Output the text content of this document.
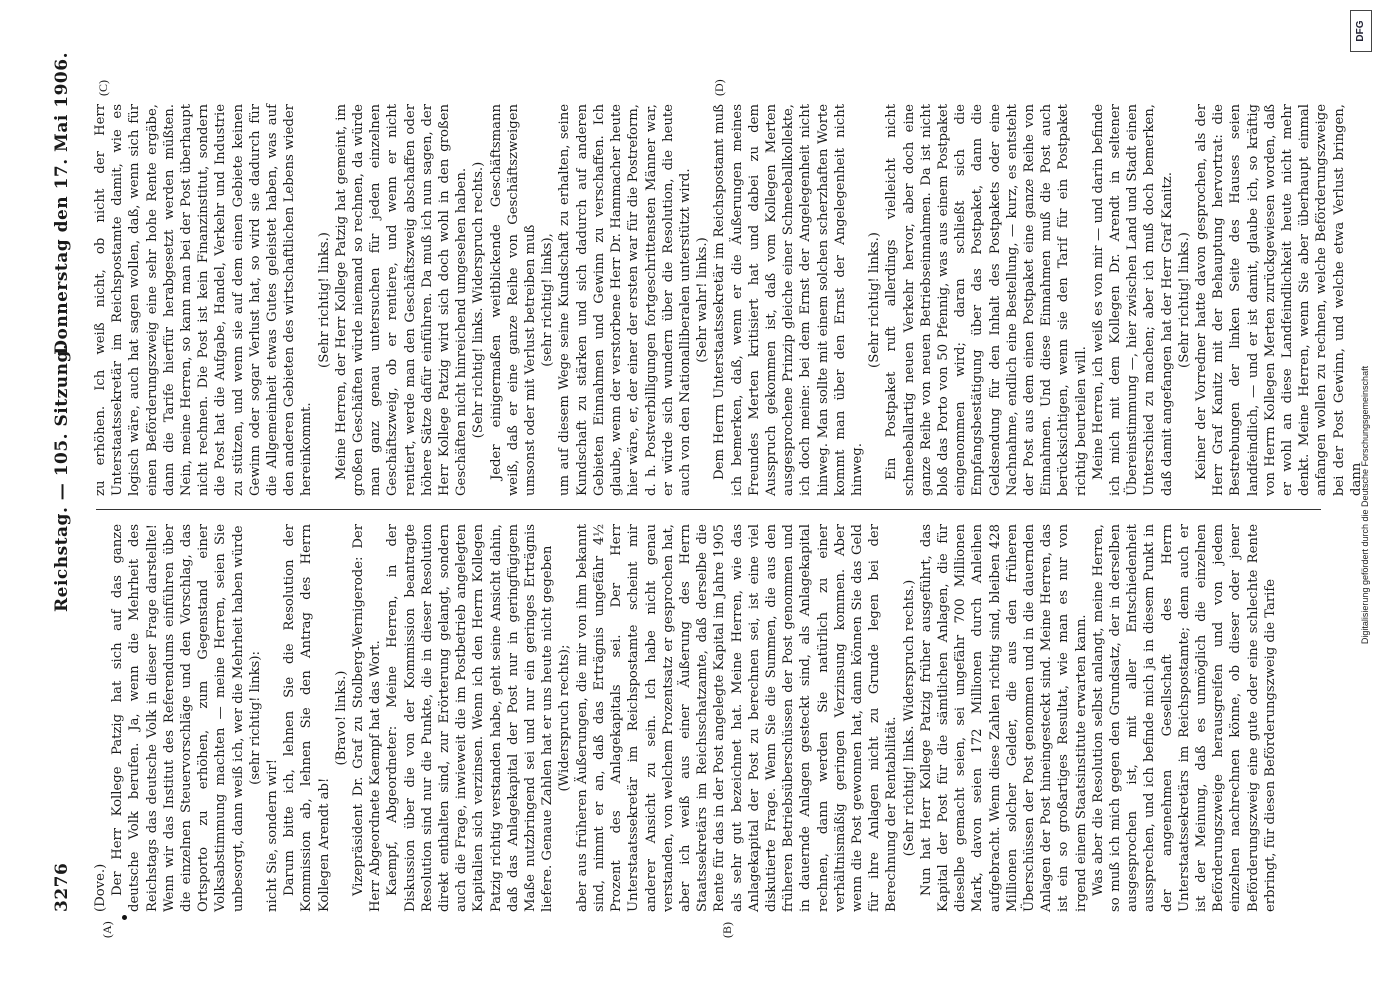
3276
Reichstag. — 105. Sitzung.
Donnerstag den 17. Mai 1906.
(A)	(B)
(C)	(D)

(Dove.) Der Herr Kollege Patzig hat sich auf das ganze deutsche Volk berufen. Ja, wenn die Mehrheit des Reichstags das deutsche Volk in dieser Frage darstellte! Wenn wir das Institut des Referendums einführen über die einzelnen Steuervorschläge und den Vorschlag, das Ortsporto zu erhöhen, zum Gegenstand einer Volksabstimmung machten — meine Herren, seien Sie unbesorgt, dann weiß ich, wer die Mehrheit haben würde (sehr richtig! links):

nicht Sie, sondern wir! Darum bitte ich, lehnen Sie die Resolution der Kommission ab, lehnen Sie den Antrag des Herrn Kollegen Arendt ab!

(Bravo! links.) Vizepräsident Dr. Graf zu Stolberg-Wernigerode: Der Herr Abgeordnete Kaempf hat das Wort. Kaempf, Abgeordneter: Meine Herren, in der Diskussion über die von der Kommission beantragte Resolution sind nur die Punkte, die in dieser Resolution direkt enthalten sind, zur Erörterung gelangt, sondern auch die Frage, inwieweit die im Postbetrieb angelegten Kapitalien sich verzinsen. Wenn ich den Herrn Kollegen Patzig richtig verstanden habe, geht seine Ansicht dahin, daß das Anlagekapital der Post nur in geringfügigem Maße nutzbringend sei und nur ein geringes Erträgnis liefere. Genaue Zahlen hat er uns heute nicht gegeben (Widerspruch rechts); aber aus früheren Äußerungen, die mir von ihm bekannt sind, nimmt er an, daß das Erträgnis ungefähr 4½ Prozent des Anlagekapitals sei. Der Herr Unterstaatssekretär im Reichspostamte scheint mir anderer Ansicht zu sein. Ich habe nicht genau verstanden, von welchem Prozentsatz er gesprochen hat, aber ich weiß aus einer Äußerung des Herrn Staatssekretärs im Reichsschatzamte, daß derselbe die Rente für das in der Post angelegte Kapital im Jahre 1905 als sehr gut bezeichnet hat. Meine Herren, wie das Anlagekapital der Post zu berechnen sei, ist eine viel diskutierte Frage. Wenn Sie die Summen, die aus den früheren Betriebsüberschüssen der Post genommen und in dauernde Anlagen gesteckt sind, als Anlagekapital rechnen, dann werden Sie natürlich zu einer verhältnismäßig geringen Verzinsung kommen. Aber wenn die Post gewonnen hat, dann können Sie das Geld für ihre Anlagen nicht zu Grunde legen bei der Berechnung der Rentabilität. (Sehr richtig! links. Widerspruch rechts.) Nun hat Herr Kollege Patzig früher ausgeführt, das Kapital der Post für die sämtlichen Anlagen, die für dieselbe gemacht seien, sei ungefähr 700 Millionen Mark, davon seien 172 Millionen durch Anleihen aufgebracht. Wenn diese Zahlen richtig sind, bleiben 428 Millionen solcher Gelder, die aus den früheren Überschüssen der Post genommen und in die dauernden Anlagen der Post hineingesteckt sind. Meine Herren, das ist ein so großartiges Resultat, wie man es nur von irgend einem Staatsinstitute erwarten kann. Was aber die Resolution selbst anlangt, meine Herren, so muß ich mich gegen den Grundsatz, der in derselben ausgesprochen ist, mit aller Entschiedenheit aussprechen, und ich befinde mich ja in diesem Punkt in der angenehmen Gesellschaft des Herrn Unterstaatssekretärs im Reichspostamte; denn auch er ist der Meinung, daß es unmöglich die einzelnen Beförderungszweige herausgreifen und von jedem einzelnen nachrechnen könne, ob dieser oder jener Beförderungszweig eine gute oder eine schlechte Rente erbringt, für diesen Beförderungszweig die Tarife

zu erhöhen. Ich weiß nicht, ob nicht der Herr Unterstaatssekretär im Reichspostamte damit, wie es logisch wäre, auch hat sagen wollen, daß, wenn sich für einen Beförderungszweig eine sehr hohe Rente ergäbe, dann die Tarife hierfür herabgesetzt werden müßten. Nein, meine Herren, so kann man bei der Post überhaupt nicht rechnen. Die Post ist kein Finanzinstitut, sondern die Post hat die Aufgabe, Handel, Verkehr und Industrie zu stützen, und wenn sie auf dem einen Gebiete keinen Gewinn oder sogar Verlust hat, so wird sie dadurch für die Allgemeinheit etwas Gutes geleistet haben, was auf den anderen Gebieten des wirtschaftlichen Lebens wieder hereinkommt.

(Sehr richtig! links.) Meine Herren, der Herr Kollege Patzig hat gemeint, im großen Geschäften würde niemand so rechnen, da würde man ganz genau untersuchen für jeden einzelnen Geschäftszweig, ob er rentiere, und wenn er nicht rentiert, werde man den Geschäftszweig abschaffen oder höhere Sätze dafür einführen. Da muß ich nun sagen, der Herr Kollege Patzig wird sich doch wohl in den großen Geschäften nicht hinreichend umgesehen haben. (Sehr richtig! links. Widerspruch rechts.) Jeder einigermaßen weitblickende Geschäftsmann weiß, daß er eine ganze Reihe von Geschäftszweigen umsonst oder mit Verlust betreiben muß (sehr richtig! links), um auf diesem Wege seine Kundschaft zu erhalten, seine Kundschaft zu stärken und sich dadurch auf anderen Gebieten Einnahmen und Gewinn zu verschaffen. Ich glaube, wenn der verstorbene Herr Dr. Hammacher heute hier wäre, er, der einer der ersten war für die Postreform, d. h. Postverbilligungen fortgeschrittensten Männer war, er würde sich wundern über die Resolution, die heute auch von den Nationalliberalen unterstützt wird. (Sehr wahr! links.) Dem Herrn Unterstaatssekretär im Reichspostamt muß ich bemerken, daß, wenn er die Äußerungen meines Freundes Merten kritisiert hat und dabei zu dem Ausspruch gekommen ist, daß vom Kollegen Merten ausgesprochene Prinzip gleiche einer Schneeballkollekte, ich doch meine: bei dem Ernst der Angelegenheit nicht hinweg. Man sollte mit einem solchen scherzhaften Worte kommt man über den Ernst der Angelegenheit nicht hinweg.

(Sehr richtig! links.) Ein Postpaket ruft allerdings vielleicht nicht schneeballartig neuen Verkehr hervor, aber doch eine ganze Reihe von neuen Betriebseinnahmen. Da ist nicht bloß das Porto von 50 Pfennig, was aus einem Postpaket eingenommen wird; daran schließt sich die Empfangsbestätigung über das Postpaket, dann die Geldsendung für den Inhalt des Postpakets oder eine Nachnahme, endlich eine Bestellung, — kurz, es entsteht der Post aus dem einen Postpaket eine ganze Reihe von Einnahmen. Und diese Einnahmen muß die Post auch berücksichtigen, wenn sie den Tarif für ein Postpaket richtig beurteilen will. Meine Herren, ich weiß es von mir — und darin befinde ich mich mit dem Kollegen Dr. Arendt in seltener Übereinstimmung —, hier zwischen Land und Stadt einen Unterschied zu machen; aber ich muß doch bemerken, daß damit angefangen hat der Herr Graf Kanitz. (Sehr richtig! links.) Keiner der Vorredner hatte davon gesprochen, als der Herr Graf Kanitz mit der Behauptung hervortrat: die Bestrebungen der linken Seite des Hauses seien landfeindlich, — und er ist damit, glaube ich, so kräftig von Herrn Kollegen Merten zurückgewiesen worden, daß er wohl an diese Landfeindlichkeit heute nicht mehr denkt. Meine Herren, wenn Sie aber überhaupt einmal anfangen wollen zu rechnen, welche Beförderungszweige bei der Post Gewinn, und welche etwa Verlust bringen, dann

Digitalisierung gefördert durch die Deutsche Forschungsgemeinschaft
DFG
